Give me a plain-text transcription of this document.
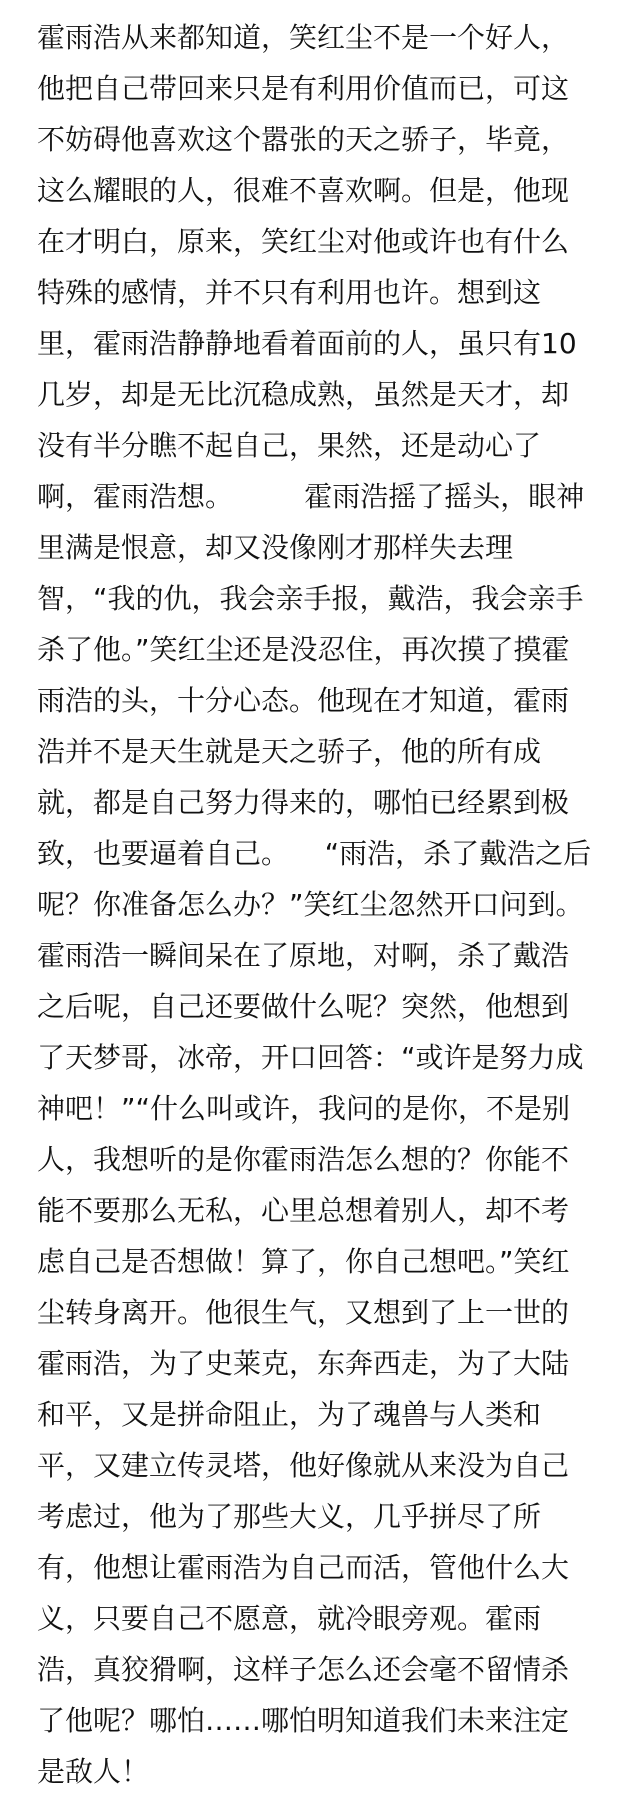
霍雨浩从来都知道，笑红尘不是一个好人，
他把自己带回来只是有利用价值而已，可这
不妨碍他喜欢这个嚣张的天之骄子，毕竟，
这么耀眼的人，很难不喜欢啊。但是，他现
在才明白，原来，笑红尘对他或许也有什么
特殊的感情，并不只有利用也许。想到这
里，霍雨浩静静地看着面前的人，虽只有10
几岁，却是无比沉稳成熟，虽然是天才，却
没有半分瞧不起自己，果然，还是动心了
啊，霍雨浩想。        霍雨浩摇了摇头，眼神
里满是恨意，却又没像刚才那样失去理
智，“我的仇，我会亲手报，戴浩，我会亲手
杀了他。”笑红尘还是没忍住，再次摸了摸霍
雨浩的头，十分心态。他现在才知道，霍雨
浩并不是天生就是天之骄子，他的所有成
就，都是自己努力得来的，哪怕已经累到极
致，也要逼着自己。    “雨浩，杀了戴浩之后
呢？你准备怎么办？”笑红尘忽然开口问到。
霍雨浩一瞬间呆在了原地，对啊，杀了戴浩
之后呢，自己还要做什么呢？突然，他想到
了天梦哥，冰帝，开口回答：“或许是努力成
神吧！”“什么叫或许，我问的是你，不是别
人，我想听的是你霍雨浩怎么想的？你能不
能不要那么无私，心里总想着别人，却不考
虑自己是否想做！算了，你自己想吧。”笑红
尘转身离开。他很生气，又想到了上一世的
霍雨浩，为了史莱克，东奔西走，为了大陆
和平，又是拼命阻止，为了魂兽与人类和
平，又建立传灵塔，他好像就从来没为自己
考虑过，他为了那些大义，几乎拼尽了所
有，他想让霍雨浩为自己而活，管他什么大
义，只要自己不愿意，就冷眼旁观。霍雨
浩，真狡猾啊，这样子怎么还会毫不留情杀
了他呢？哪怕……哪怕明知道我们未来注定
是敌人！
